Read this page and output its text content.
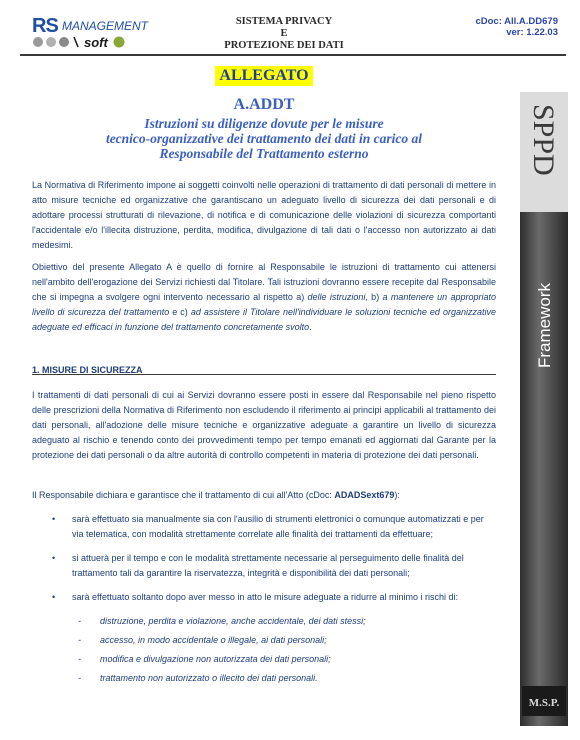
RS MANAGEMENT
soft
SISTEMA PRIVACY
E
PROTEZIONE DEI DATI
cDoc: All.A.DD679
ver: 1.22.03
SPPD
Framework
M.S.P.
ALLEGATO
A.ADDT
Istruzioni su diligenze dovute per le misure
tecnico-organizzative dei trattamento dei dati in carico al
Responsabile del Trattamento esterno

La Normativa di Riferimento impone ai soggetti coinvolti nelle operazioni di trattamento di dati personali di mettere in atto misure tecniche ed organizzative che garantiscano un adeguato livello di sicurezza dei dati personali e di adottare processi strutturati di rilevazione, di notifica e di comunicazione delle violazioni di sicurezza comportanti l'accidentale e/o l'illecita distruzione, perdita, modifica, divulgazione di tali dati o l'accesso non autorizzato ai dati medesimi.

Obiettivo del presente Allegato A è quello di fornire al Responsabile le istruzioni di trattamento cui attenersi nell'ambito dell'erogazione dei Servizi richiesti dal Titolare. Tali istruzioni dovranno essere recepite dal Responsabile che si impegna a svolgere ogni intervento necessario al rispetto a) delle istruzioni, b) a mantenere un appropriato livello di sicurezza del trattamento e c) ad assistere il Titolare nell'individuare le soluzioni tecniche ed organizzative adeguate ed efficaci in funzione del trattamento concretamente svolto.

1. MISURE DI SICUREZZA

I trattamenti di dati personali di cui ai Servizi dovranno essere posti in essere dal Responsabile nel pieno rispetto delle prescrizioni della Normativa di Riferimento non escludendo il riferimento ai principi applicabili al trattamento dei dati personali, all'adozione delle misure tecniche e organizzative adeguate a garantire un livello di sicurezza adeguato al rischio e tenendo conto dei provvedimenti tempo per tempo emanati ed aggiornati dal Garante per la protezione dei dati personali o da altre autorità di controllo competenti in materia di protezione dei dati personali.

Il Responsabile dichiara e garantisce che il trattamento di cui all'Atto (cDoc: ADADSext679):

• sarà effettuato sia manualmente sia con l'ausilio di strumenti elettronici o comunque automatizzati e per via telematica, con modalità strettamente correlate alle finalità dei trattamenti da effettuare;
• si attuerà per il tempo e con le modalità strettamente necessarie al perseguimento delle finalità del trattamento tali da garantire la riservatezza, integrità e disponibilità dei dati personali;
• sarà effettuato soltanto dopo aver messo in atto le misure adeguate a ridurre al minimo i rischi di:
- distruzione, perdita e violazione, anche accidentale, dei dati stessi;
- accesso, in modo accidentale o illegale, ai dati personali;
- modifica e divulgazione non autorizzata dei dati personali;
- trattamento non autorizzato o illecito dei dati personali.
